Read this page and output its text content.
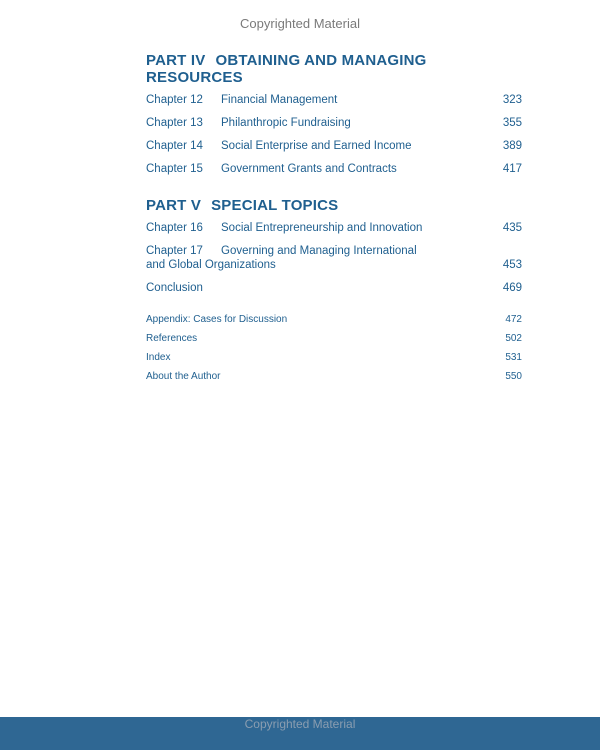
Copyrighted Material
PART IV OBTAINING AND MANAGING
RESOURCES
Chapter 12 Financial Management	323
Chapter 13 Philanthropic Fundraising	355
Chapter 14 Social Enterprise and Earned Income	389
Chapter 15 Government Grants and Contracts	417
PART V SPECIAL TOPICS
Chapter 16 Social Entrepreneurship and Innovation	435
Chapter 17 Governing and Managing International
and Global Organizations	453
Conclusion	469
Appendix: Cases for Discussion	472
References	502
Index	531
About the Author	550
Copyrighted Material
